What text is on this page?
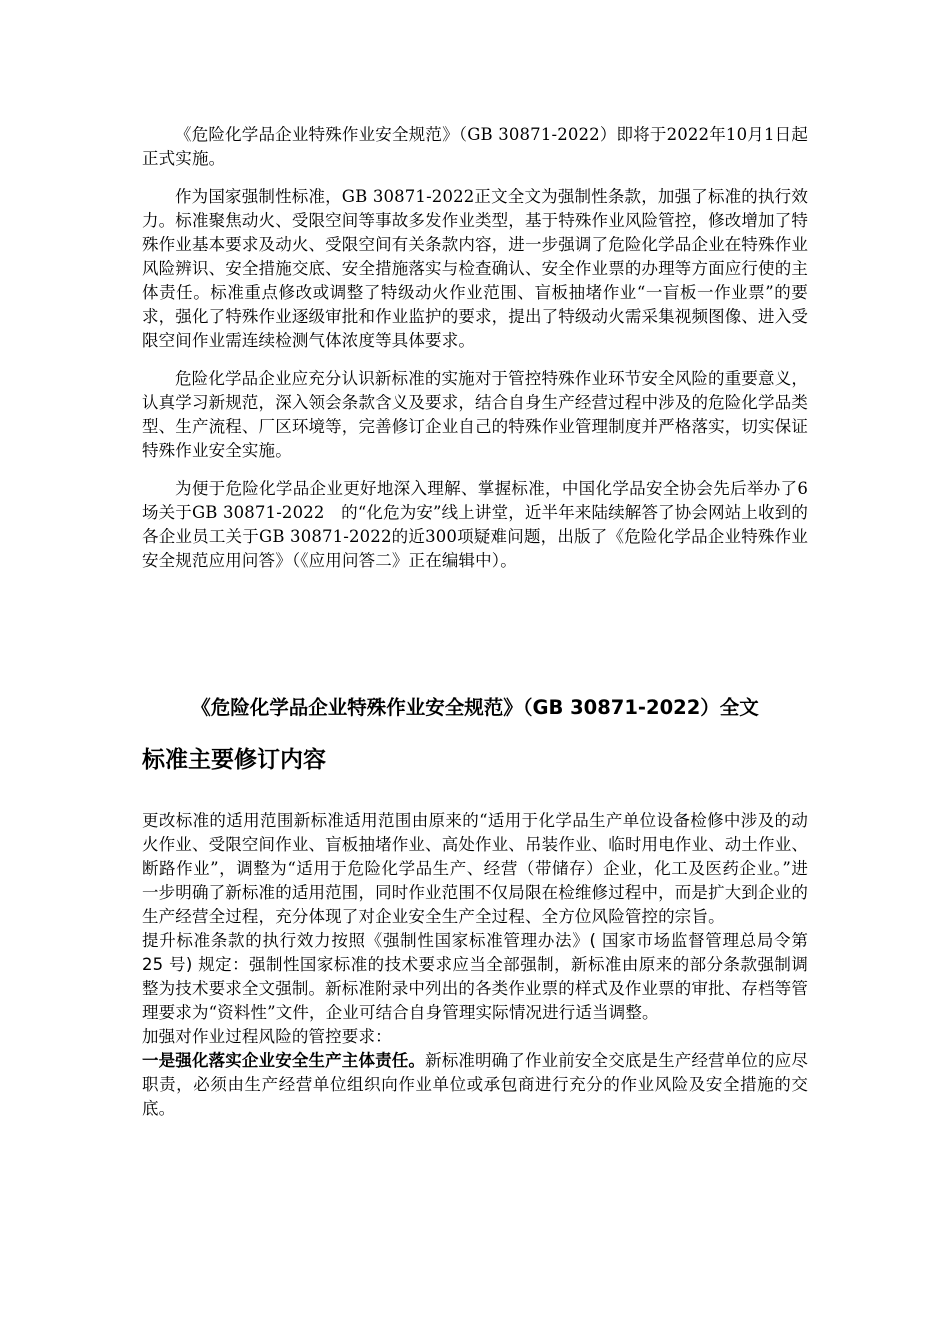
《危险化学品企业特殊作业安全规范》（GB 30871-2022）即将于2022年10月1日起正式实施。

作为国家强制性标准，GB 30871-2022正文全文为强制性条款，加强了标准的执行效力。标准聚焦动火、受限空间等事故多发作业类型，基于特殊作业风险管控，修改增加了特殊作业基本要求及动火、受限空间有关条款内容，进一步强调了危险化学品企业在特殊作业风险辨识、安全措施交底、安全措施落实与检查确认、安全作业票的办理等方面应行使的主体责任。标准重点修改或调整了特级动火作业范围、盲板抽堵作业“一盲板一作业票”的要求，强化了特殊作业逐级审批和作业监护的要求，提出了特级动火需采集视频图像、进入受限空间作业需连续检测气体浓度等具体要求。

危险化学品企业应充分认识新标准的实施对于管控特殊作业环节安全风险的重要意义，认真学习新规范，深入领会条款含义及要求，结合自身生产经营过程中涉及的危险化学品类型、生产流程、厂区环境等，完善修订企业自己的特殊作业管理制度并严格落实，切实保证特殊作业安全实施。

为便于危险化学品企业更好地深入理解、掌握标准，中国化学品安全协会先后举办了6场关于GB 30871-2022　的“化危为安”线上讲堂，近半年来陆续解答了协会网站上收到的各企业员工关于GB 30871-2022的近300项疑难问题，出版了《危险化学品企业特殊作业安全规范应用问答》（《应用问答二》正在编辑中）。

《危险化学品企业特殊作业安全规范》（GB 30871-2022）全文
标准主要修订内容

更改标准的适用范围新标准适用范围由原来的“适用于化学品生产单位设备检修中涉及的动火作业、受限空间作业、盲板抽堵作业、高处作业、吊装作业、临时用电作业、动土作业、断路作业”，调整为“适用于危险化学品生产、经营（带储存）企业，化工及医药企业。”进一步明确了新标准的适用范围，同时作业范围不仅局限在检维修过程中，而是扩大到企业的生产经营全过程，充分体现了对企业安全生产全过程、全方位风险管控的宗旨。

提升标准条款的执行效力按照《强制性国家标准管理办法》( 国家市场监督管理总局令第 25 号) 规定：强制性国家标准的技术要求应当全部强制，新标准由原来的部分条款强制调整为技术要求全文强制。新标准附录中列出的各类作业票的样式及作业票的审批、存档等管理要求为“资料性”文件，企业可结合自身管理实际情况进行适当调整。

加强对作业过程风险的管控要求：

一是强化落实企业安全生产主体责任。新标准明确了作业前安全交底是生产经营单位的应尽职责，必须由生产经营单位组织向作业单位或承包商进行充分的作业风险及安全措施的交底。
